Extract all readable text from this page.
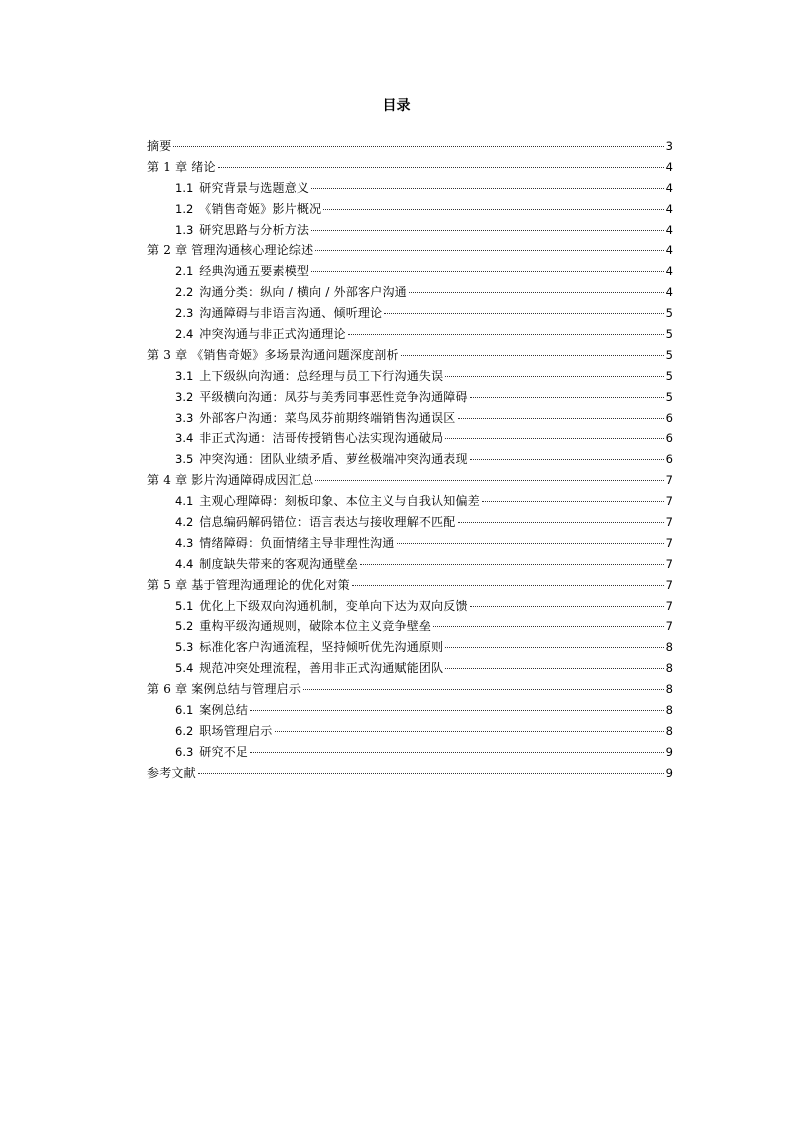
目录
摘要	3
第 1 章 绪论	4
1.1 研究背景与选题意义	4
1.2 《销售奇姬》影片概况	4
1.3 研究思路与分析方法	4
第 2 章 管理沟通核心理论综述	4
2.1 经典沟通五要素模型	4
2.2 沟通分类：纵向 / 横向 / 外部客户沟通	4
2.3 沟通障碍与非语言沟通、倾听理论	5
2.4 冲突沟通与非正式沟通理论	5
第 3 章 《销售奇姬》多场景沟通问题深度剖析	5
3.1 上下级纵向沟通：总经理与员工下行沟通失误	5
3.2 平级横向沟通：凤芬与美秀同事恶性竞争沟通障碍	5
3.3 外部客户沟通：菜鸟凤芬前期终端销售沟通误区	6
3.4 非正式沟通：洁哥传授销售心法实现沟通破局	6
3.5 冲突沟通：团队业绩矛盾、萝丝极端冲突沟通表现	6
第 4 章 影片沟通障碍成因汇总	7
4.1 主观心理障碍：刻板印象、本位主义与自我认知偏差	7
4.2 信息编码解码错位：语言表达与接收理解不匹配	7
4.3 情绪障碍：负面情绪主导非理性沟通	7
4.4 制度缺失带来的客观沟通壁垒	7
第 5 章 基于管理沟通理论的优化对策	7
5.1 优化上下级双向沟通机制，变单向下达为双向反馈	7
5.2 重构平级沟通规则，破除本位主义竞争壁垒	7
5.3 标准化客户沟通流程，坚持倾听优先沟通原则	8
5.4 规范冲突处理流程，善用非正式沟通赋能团队	8
第 6 章 案例总结与管理启示	8
6.1 案例总结	8
6.2 职场管理启示	8
6.3 研究不足	9
参考文献	9
